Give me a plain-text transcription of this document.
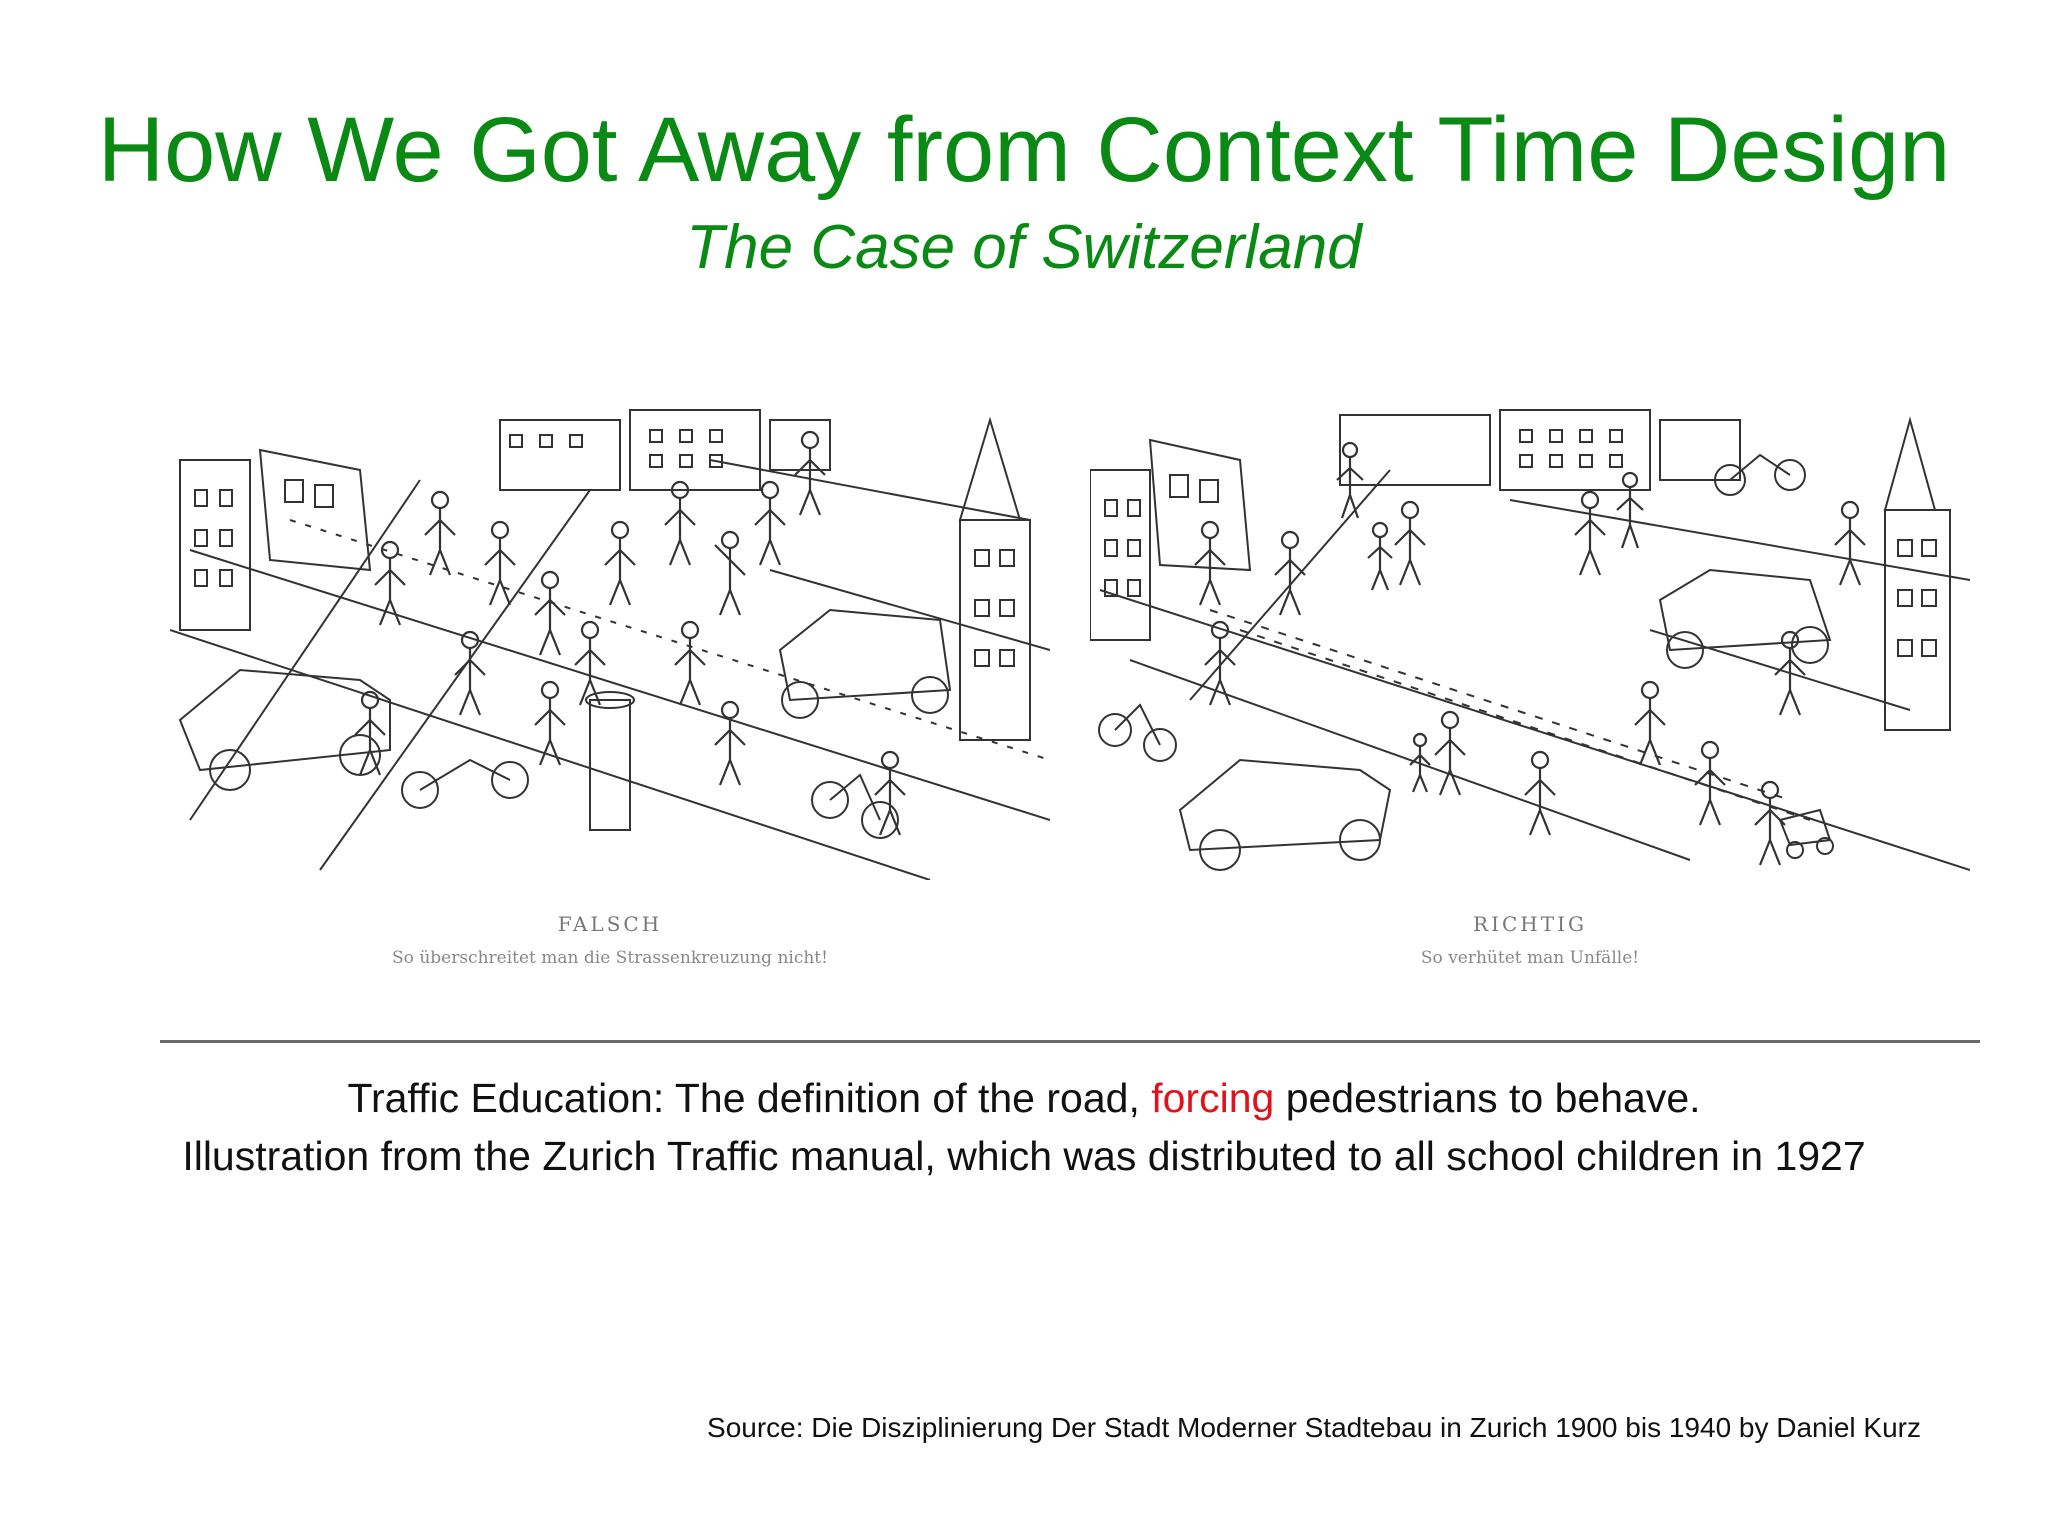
How We Got Away from Context Time Design
The Case of Switzerland
FALSCH
So überschreitet man die Strassenkreuzung nicht!
RICHTIG
So verhütet man Unfälle!
Traffic Education: The definition of the road, forcing pedestrians to behave.
Illustration from the Zurich Traffic manual, which was distributed to all school children in 1927
Source: Die Disziplinierung Der Stadt Moderner Stadtebau in Zurich 1900 bis 1940 by Daniel Kurz
